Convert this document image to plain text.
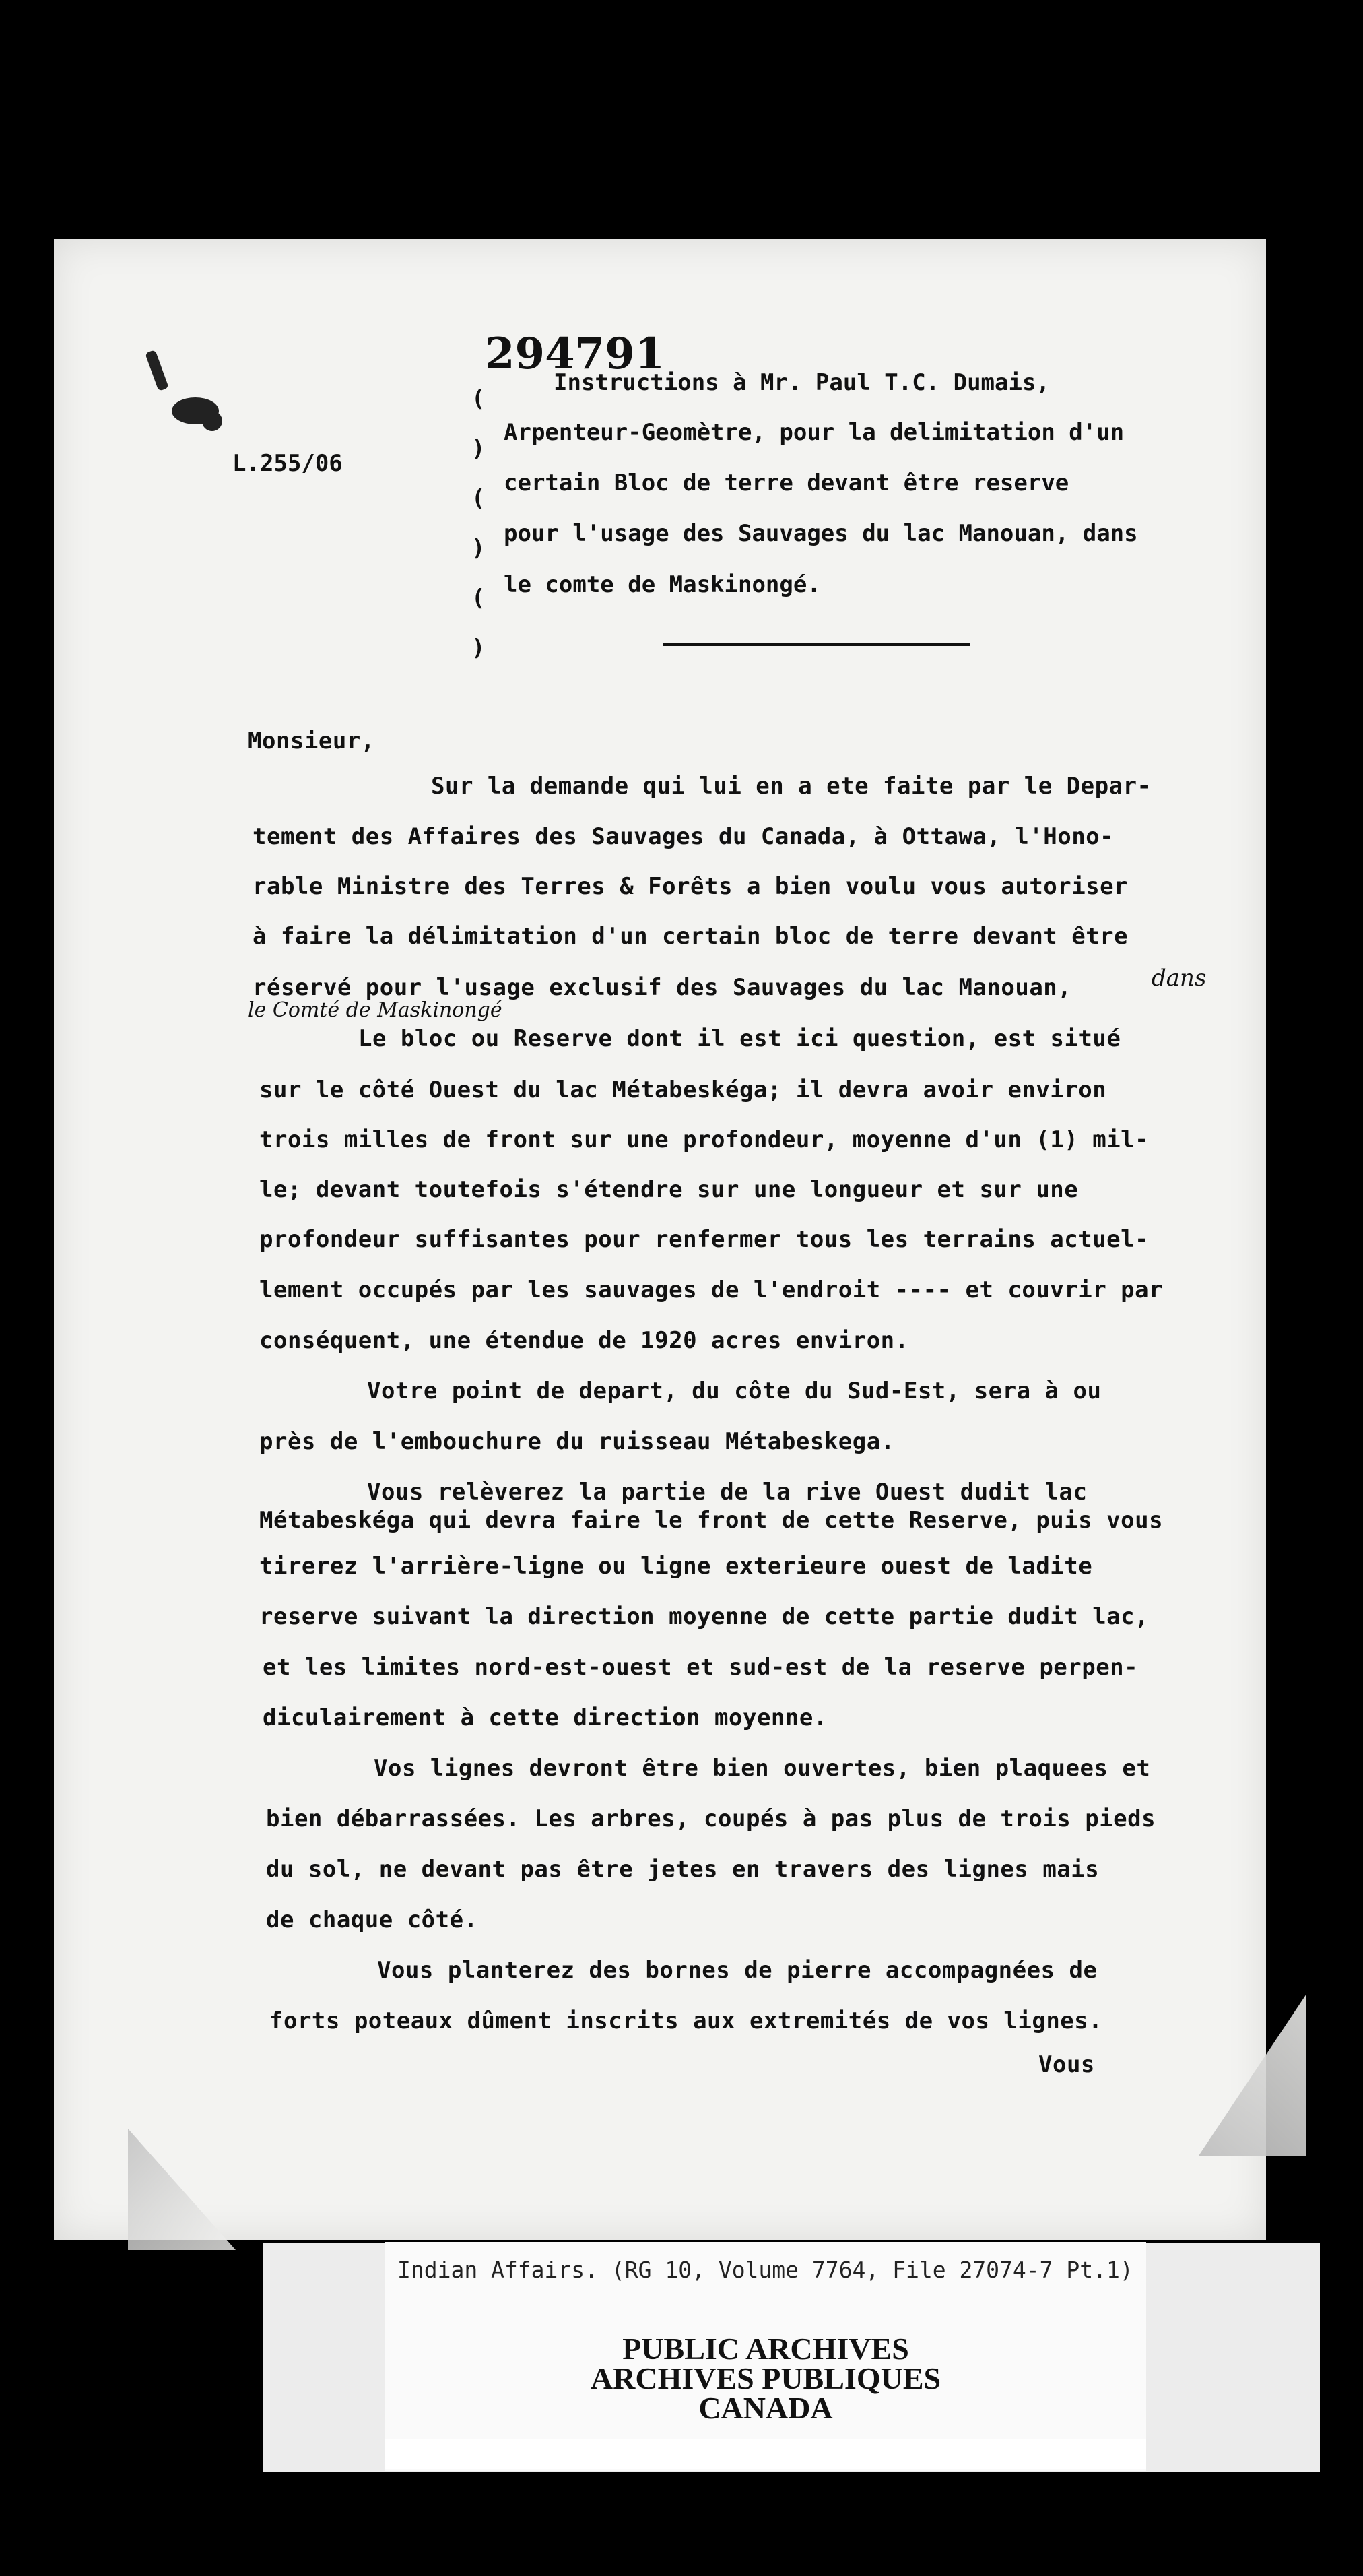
294791
L.255/06
(
)
(
)
(
)
Instructions à Mr. Paul T.C. Dumais,
Arpenteur-Geomètre, pour la delimitation d'un
certain Bloc de terre devant être reserve
pour l'usage des Sauvages du lac Manouan, dans
le comte de Maskinongé.
Monsieur,
Sur la demande qui lui en a ete faite par le Depar-
tement des Affaires des Sauvages du Canada, à Ottawa, l'Hono-
rable Ministre des Terres & Forêts a bien voulu vous autoriser
à faire la délimitation d'un certain bloc de terre devant être
réservé pour l'usage exclusif des Sauvages du lac Manouan,	dans
le Comté de Maskinongé
Le bloc ou Reserve dont il est ici question, est situé
sur le côté Ouest du lac Métabeskéga; il devra avoir environ
trois milles de front sur une profondeur, moyenne d'un (1) mil-
le; devant toutefois s'étendre sur une longueur et sur une
profondeur suffisantes pour renfermer tous les terrains actuel-
lement occupés par les sauvages de l'endroit ---- et couvrir par
conséquent, une étendue de 1920 acres environ.
Votre point de depart, du côte du Sud-Est, sera à ou
près de l'embouchure du ruisseau Métabeskega.
Vous relèverez la partie de la rive Ouest dudit lac
Métabeskéga qui devra faire le front de cette Reserve, puis vous
tirerez l'arrière-ligne ou ligne exterieure ouest de ladite
reserve suivant la direction moyenne de cette partie dudit lac,
et les limites nord-est-ouest et sud-est de la reserve perpen-
diculairement à cette direction moyenne.
Vos lignes devront être bien ouvertes, bien plaquees et
bien débarrassées. Les arbres, coupés à pas plus de trois pieds
du sol, ne devant pas être jetes en travers des lignes mais
de chaque côté.
Vous planterez des bornes de pierre accompagnées de
forts poteaux dûment inscrits aux extremités de vos lignes.
Vous
Indian Affairs. (RG 10, Volume 7764, File 27074-7 Pt.1)
PUBLIC ARCHIVES
ARCHIVES PUBLIQUES
CANADA
